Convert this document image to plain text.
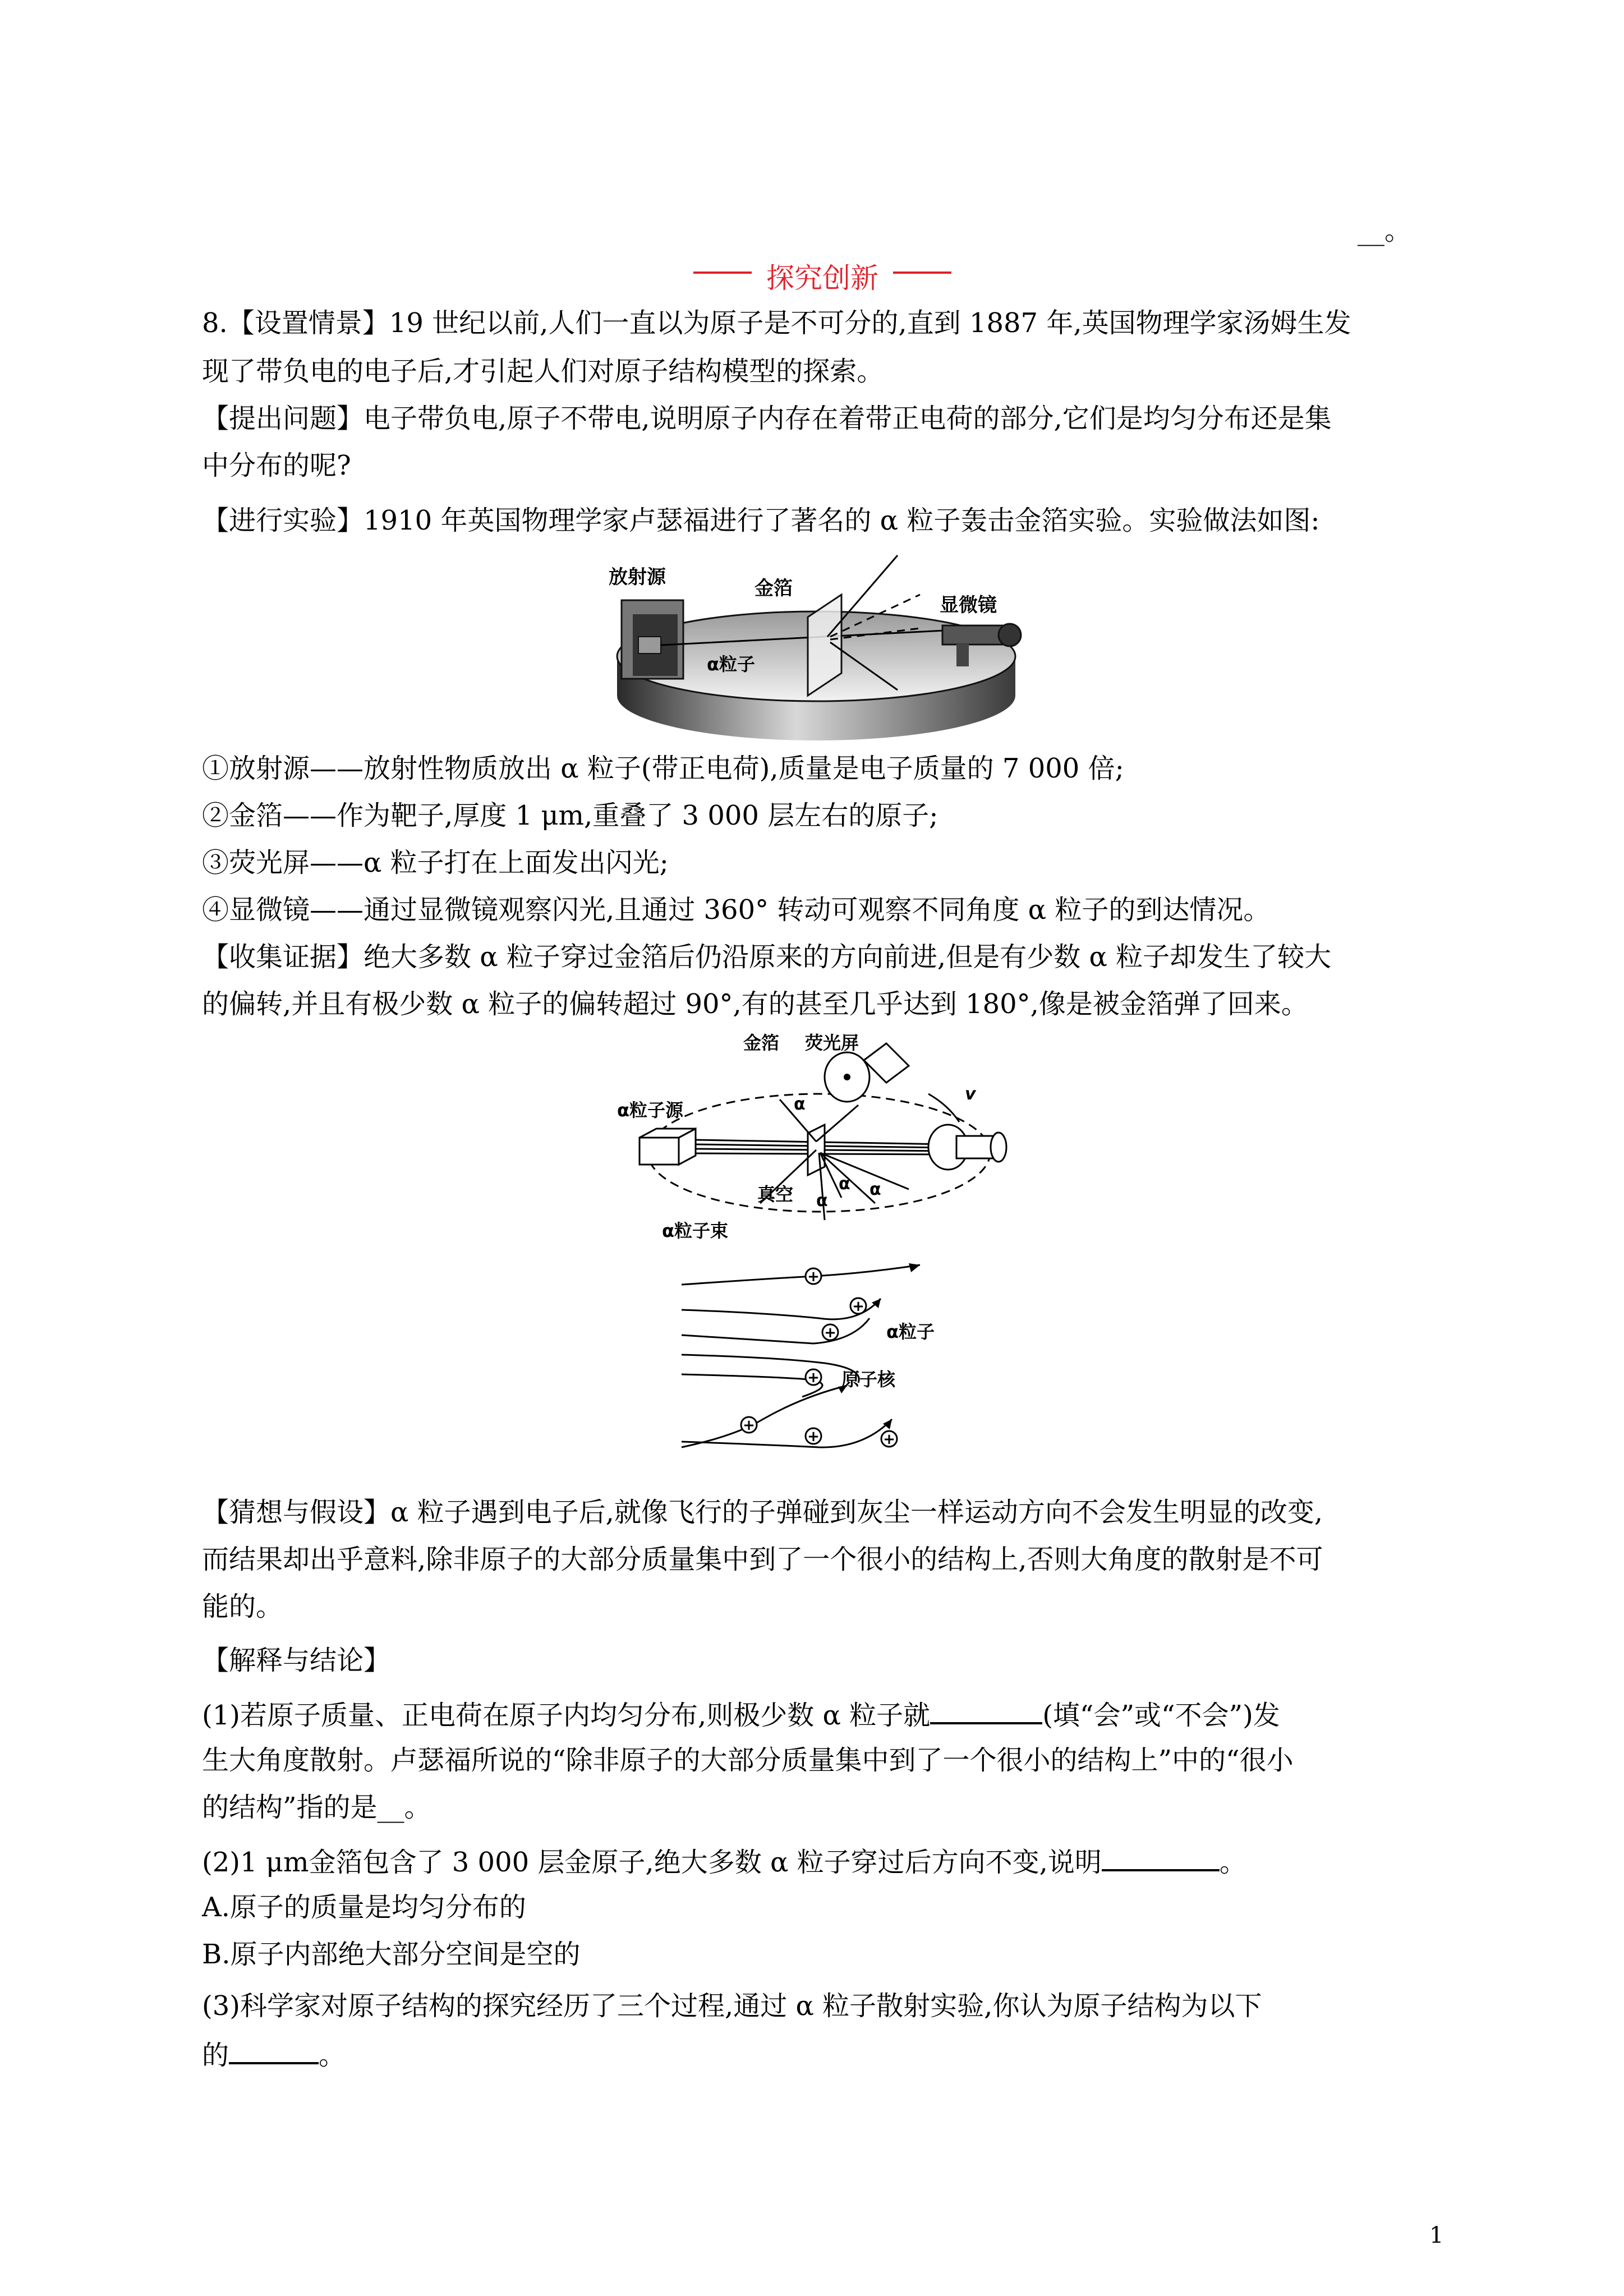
__。
探究创新
8.【设置情景】19 世纪以前,人们一直以为原子是不可分的,直到 1887 年,英国物理学家汤姆生发
现了带负电的电子后,才引起人们对原子结构模型的探索。
【提出问题】电子带负电,原子不带电,说明原子内存在着带正电荷的部分,它们是均匀分布还是集
中分布的呢?
【进行实验】1910 年英国物理学家卢瑟福进行了著名的 α 粒子轰击金箔实验。实验做法如图:
放射源	金箔
显微镜
α粒子
①放射源——放射性物质放出 α 粒子(带正电荷),质量是电子质量的 7 000 倍;
②金箔——作为靶子,厚度 1 μm,重叠了 3 000 层左右的原子;
③荧光屏——α 粒子打在上面发出闪光;
④显微镜——通过显微镜观察闪光,且通过 360° 转动可观察不同角度 α 粒子的到达情况。
【收集证据】绝大多数 α 粒子穿过金箔后仍沿原来的方向前进,但是有少数 α 粒子却发生了较大
的偏转,并且有极少数 α 粒子的偏转超过 90°,有的甚至几乎达到 180°,像是被金箔弹了回来。
金箔 荧光屏
α粒子源
真空
α粒子束
α
α α
α
v
+
+
+
+
+
+	+
α粒子
原子核
【猜想与假设】α 粒子遇到电子后,就像飞行的子弹碰到灰尘一样运动方向不会发生明显的改变,
而结果却出乎意料,除非原子的大部分质量集中到了一个很小的结构上,否则大角度的散射是不可
能的。
【解释与结论】
(1)若原子质量、正电荷在原子内均匀分布,则极少数 α 粒子就	(填“会”或“不会”)发
生大角度散射。卢瑟福所说的“除非原子的大部分质量集中到了一个很小的结构上”中的“很小
的结构”指的是__。
(2)1 μm金箔包含了 3 000 层金原子,绝大多数 α 粒子穿过后方向不变,说明	。
A.原子的质量是均匀分布的
B.原子内部绝大部分空间是空的
(3)科学家对原子结构的探究经历了三个过程,通过 α 粒子散射实验,你认为原子结构为以下
的	。
1
